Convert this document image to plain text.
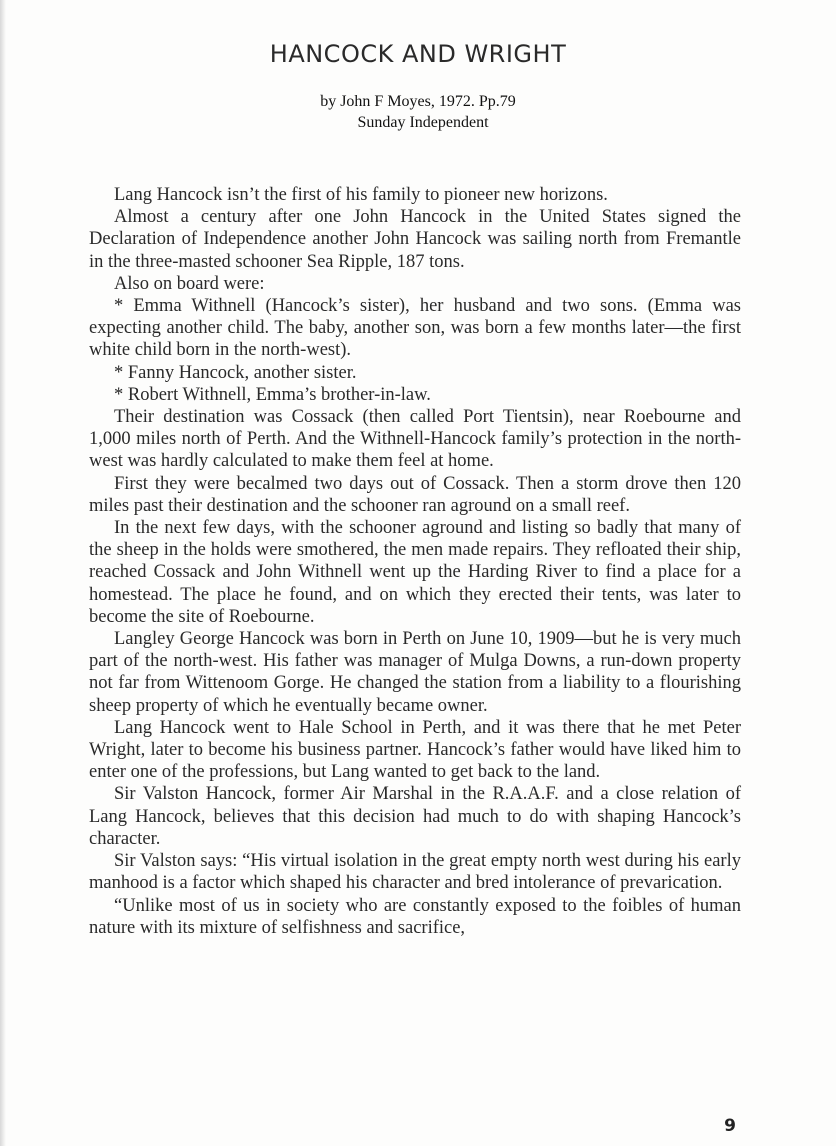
HANCOCK AND WRIGHT
by John F Moyes, 1972. Pp.79
Sunday Independent

Lang Hancock isn’t the first of his family to pioneer new horizons.

Almost a century after one John Hancock in the United States signed the Declaration of Independence another John Hancock was sailing north from Fremantle in the three-masted schooner Sea Ripple, 187 tons.

Also on board were:

* Emma Withnell (Hancock’s sister), her husband and two sons. (Emma was expecting another child. The baby, another son, was born a few months later—the first white child born in the north-west).

* Fanny Hancock, another sister.

* Robert Withnell, Emma’s brother-in-law.

Their destination was Cossack (then called Port Tientsin), near Roebourne and 1,000 miles north of Perth. And the Withnell-Hancock family’s protection in the north-west was hardly calculated to make them feel at home.

First they were becalmed two days out of Cossack. Then a storm drove then 120 miles past their destination and the schooner ran aground on a small reef.

In the next few days, with the schooner aground and listing so badly that many of the sheep in the holds were smothered, the men made repairs. They refloated their ship, reached Cossack and John Withnell went up the Harding River to find a place for a homestead. The place he found, and on which they erected their tents, was later to become the site of Roebourne.

Langley George Hancock was born in Perth on June 10, 1909—but he is very much part of the north-west. His father was manager of Mulga Downs, a run-down property not far from Wittenoom Gorge. He changed the station from a liability to a flourishing sheep property of which he eventually became owner.

Lang Hancock went to Hale School in Perth, and it was there that he met Peter Wright, later to become his business partner. Hancock’s father would have liked him to enter one of the professions, but Lang wanted to get back to the land.

Sir Valston Hancock, former Air Marshal in the R.A.A.F. and a close relation of Lang Hancock, believes that this decision had much to do with shaping Hancock’s character.

Sir Valston says: “His virtual isolation in the great empty north west during his early manhood is a factor which shaped his character and bred intolerance of prevarication.

“Unlike most of us in society who are constantly exposed to the foibles of human nature with its mixture of selfishness and sacrifice,

9
